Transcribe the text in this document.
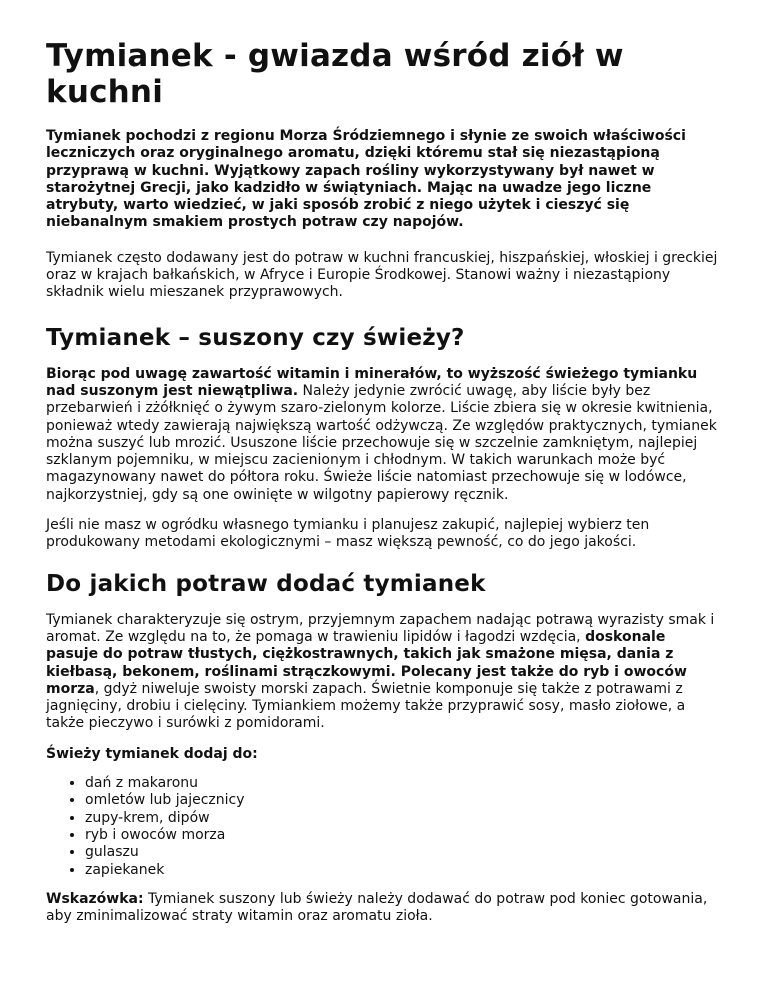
Tymianek - gwiazda wśród ziół w kuchni

Tymianek pochodzi z regionu Morza Śródziemnego i słynie ze swoich właściwości leczniczych oraz oryginalnego aromatu, dzięki któremu stał się niezastąpioną przyprawą w kuchni. Wyjątkowy zapach rośliny wykorzystywany był nawet w starożytnej Grecji, jako kadzidło w świątyniach. Mając na uwadze jego liczne atrybuty, warto wiedzieć, w jaki sposób zrobić z niego użytek i cieszyć się niebanalnym smakiem prostych potraw czy napojów.

Tymianek często dodawany jest do potraw w kuchni francuskiej, hiszpańskiej, włoskiej i greckiej oraz w krajach bałkańskich, w Afryce i Europie Środkowej. Stanowi ważny i niezastąpiony składnik wielu mieszanek przyprawowych.

Tymianek – suszony czy świeży?

Biorąc pod uwagę zawartość witamin i minerałów, to wyższość świeżego tymianku nad suszonym jest niewątpliwa. Należy jedynie zwrócić uwagę, aby liście były bez przebarwień i zżółknięć o żywym szaro-zielonym kolorze. Liście zbiera się w okresie kwitnienia, ponieważ wtedy zawierają największą wartość odżywczą. Ze względów praktycznych, tymianek można suszyć lub mrozić. Ususzone liście przechowuje się w szczelnie zamkniętym, najlepiej szklanym pojemniku, w miejscu zacienionym i chłodnym. W takich warunkach może być magazynowany nawet do półtora roku. Świeże liście natomiast przechowuje się w lodówce, najkorzystniej, gdy są one owinięte w wilgotny papierowy ręcznik.

Jeśli nie masz w ogródku własnego tymianku i planujesz zakupić, najlepiej wybierz ten produkowany metodami ekologicznymi – masz większą pewność, co do jego jakości.

Do jakich potraw dodać tymianek

Tymianek charakteryzuje się ostrym, przyjemnym zapachem nadając potrawą wyrazisty smak i aromat. Ze względu na to, że pomaga w trawieniu lipidów i łagodzi wzdęcia, doskonale pasuje do potraw tłustych, ciężkostrawnych, takich jak smażone mięsa, dania z kiełbasą, bekonem, roślinami strączkowymi. Polecany jest także do ryb i owoców morza, gdyż niweluje swoisty morski zapach. Świetnie komponuje się także z potrawami z jagnięciny, drobiu i cielęciny. Tymiankiem możemy także przyprawić sosy, masło ziołowe, a także pieczywo i surówki z pomidorami.

Świeży tymianek dodaj do:

• dań z makaronu
• omletów lub jajecznicy
• zupy-krem, dipów
• ryb i owoców morza
• gulaszu
• zapiekanek

Wskazówka: Tymianek suszony lub świeży należy dodawać do potraw pod koniec gotowania, aby zminimalizować straty witamin oraz aromatu zioła.
